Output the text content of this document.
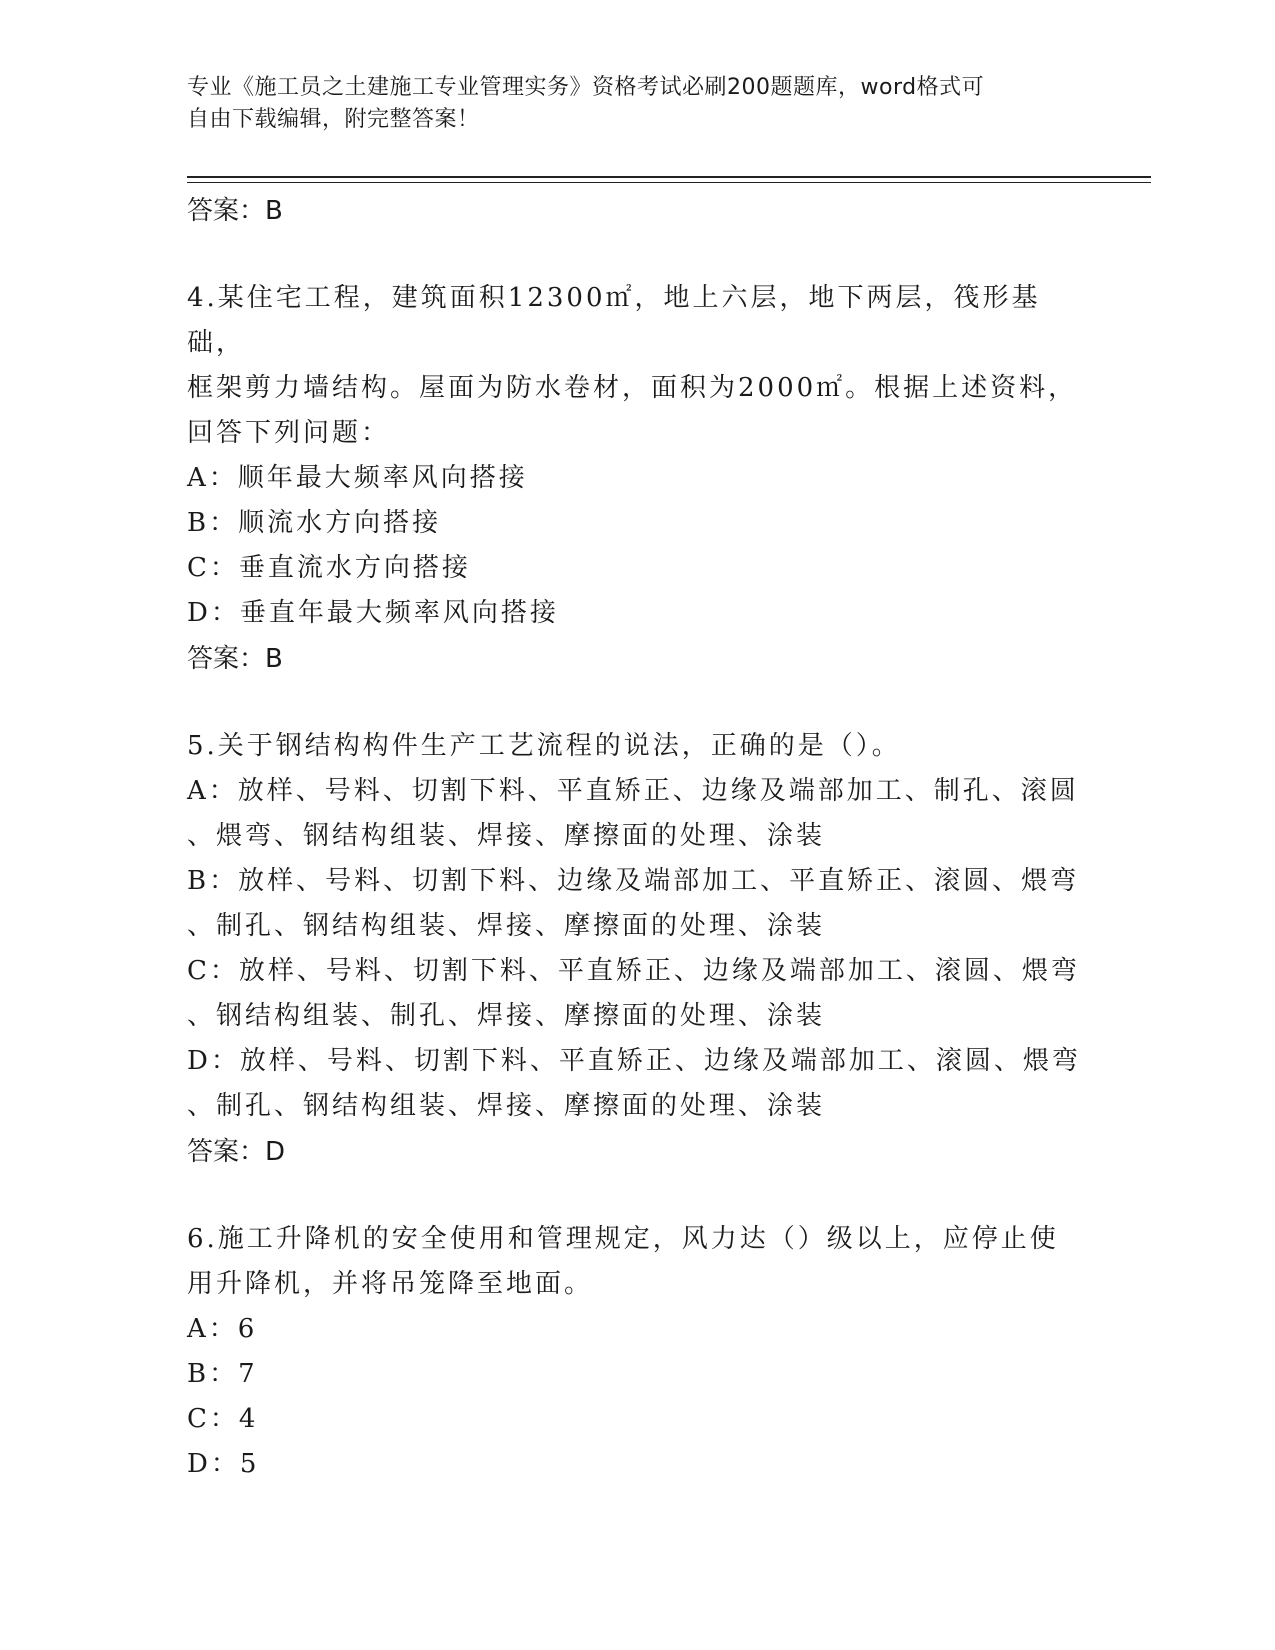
专业《施工员之土建施工专业管理实务》资格考试必刷200题题库，word格式可
自由下载编辑，附完整答案！
答案：B
4.某住宅工程，建筑面积12300㎡，地上六层，地下两层，筏形基础，
框架剪力墙结构。屋面为防水卷材，面积为2000㎡。根据上述资料，
回答下列问题：
A：顺年最大频率风向搭接
B：顺流水方向搭接
C：垂直流水方向搭接
D：垂直年最大频率风向搭接
答案：B
5.关于钢结构构件生产工艺流程的说法，正确的是（）。
A：放样、号料、切割下料、平直矫正、边缘及端部加工、制孔、滚圆
、煨弯、钢结构组装、焊接、摩擦面的处理、涂装
B：放样、号料、切割下料、边缘及端部加工、平直矫正、滚圆、煨弯
、制孔、钢结构组装、焊接、摩擦面的处理、涂装
C：放样、号料、切割下料、平直矫正、边缘及端部加工、滚圆、煨弯
、钢结构组装、制孔、焊接、摩擦面的处理、涂装
D：放样、号料、切割下料、平直矫正、边缘及端部加工、滚圆、煨弯
、制孔、钢结构组装、焊接、摩擦面的处理、涂装
答案：D
6.施工升降机的安全使用和管理规定，风力达（）级以上，应停止使
用升降机，并将吊笼降至地面。
A：6
B：7
C：4
D：5
